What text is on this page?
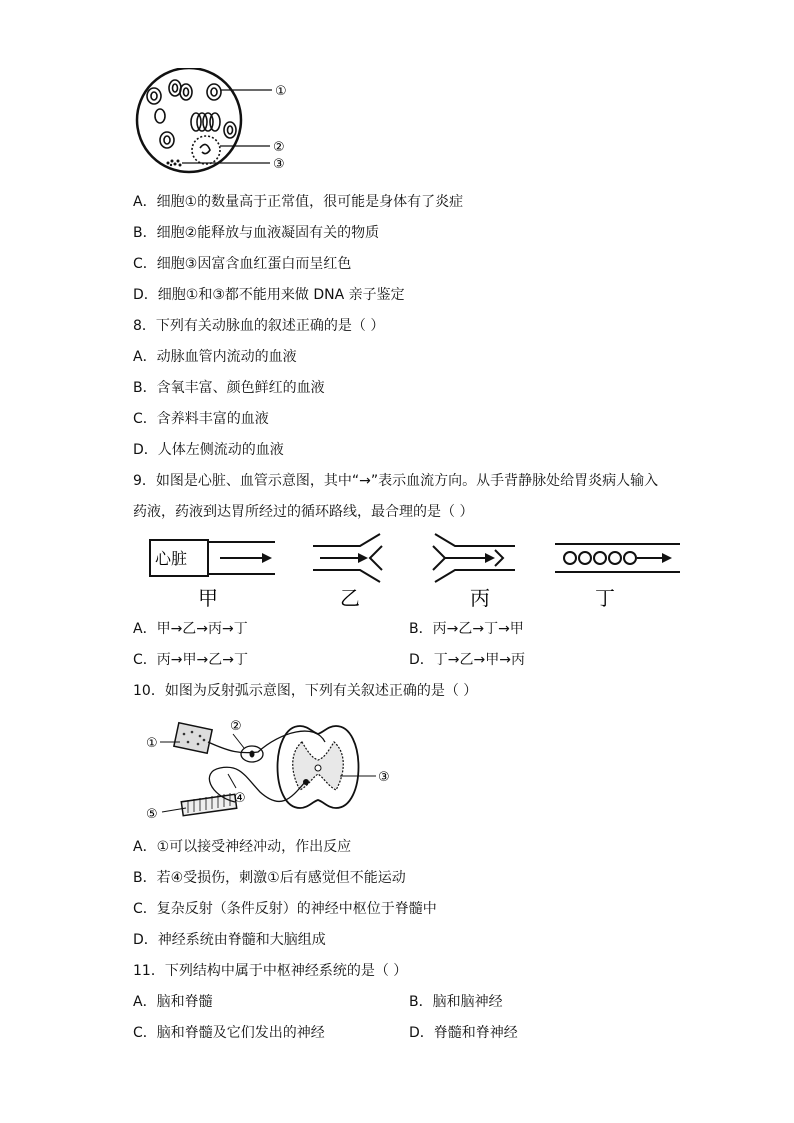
①
②
③
A．细胞①的数量高于正常值，很可能是身体有了炎症
B．细胞②能释放与血液凝固有关的物质
C．细胞③因富含血红蛋白而呈红色
D．细胞①和③都不能用来做 DNA 亲子鉴定
8．下列有关动脉血的叙述正确的是（ ）
A．动脉血管内流动的血液
B．含氧丰富、颜色鲜红的血液
C．含养料丰富的血液
D．人体左侧流动的血液
9．如图是心脏、血管示意图，其中“→”表示血流方向。从手背静脉处给胃炎病人输入
药液，药液到达胃所经过的循环路线，最合理的是（ ）
心脏
甲	乙	丙	丁
A．甲→乙→丙→丁	B．丙→乙→丁→甲
C．丙→甲→乙→丁	D．丁→乙→甲→丙
10．如图为反射弧示意图，下列有关叙述正确的是（ ）
①
②
③
④
⑤
A．①可以接受神经冲动，作出反应
B．若④受损伤，刺激①后有感觉但不能运动
C．复杂反射（条件反射）的神经中枢位于脊髓中
D．神经系统由脊髓和大脑组成
11．下列结构中属于中枢神经系统的是（ ）
A．脑和脊髓	B．脑和脑神经
C．脑和脊髓及它们发出的神经	D．脊髓和脊神经
